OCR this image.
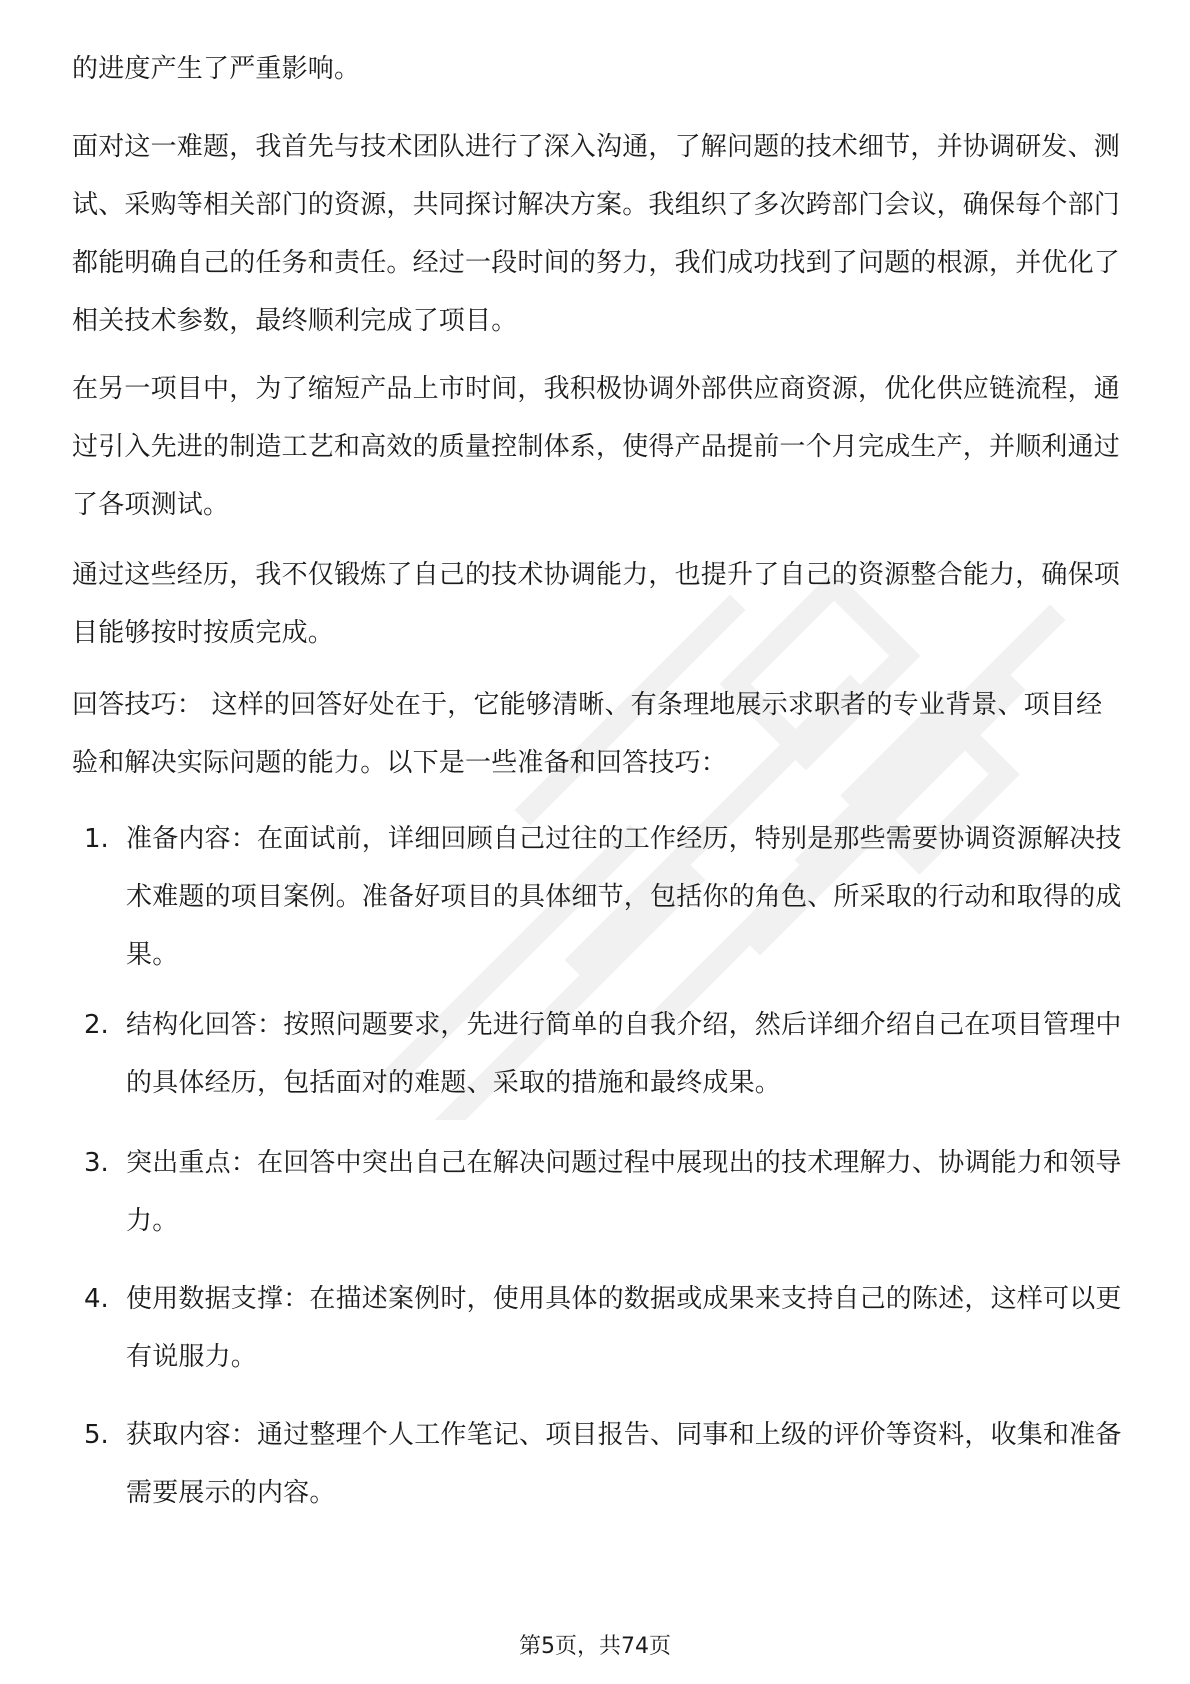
的进度产生了严重影响。

面对这一难题，我首先与技术团队进行了深入沟通，了解问题的技术细节，并协调研发、测试、采购等相关部门的资源，共同探讨解决方案。我组织了多次跨部门会议，确保每个部门都能明确自己的任务和责任。经过一段时间的努力，我们成功找到了问题的根源，并优化了相关技术参数，最终顺利完成了项目。

在另一项目中，为了缩短产品上市时间，我积极协调外部供应商资源，优化供应链流程，通过引入先进的制造工艺和高效的质量控制体系，使得产品提前一个月完成生产，并顺利通过了各项测试。

通过这些经历，我不仅锻炼了自己的技术协调能力，也提升了自己的资源整合能力，确保项目能够按时按质完成。

回答技巧： 这样的回答好处在于，它能够清晰、有条理地展示求职者的专业背景、项目经验和解决实际问题的能力。以下是一些准备和回答技巧：

1. 准备内容：在面试前，详细回顾自己过往的工作经历，特别是那些需要协调资源解决技术难题的项目案例。准备好项目的具体细节，包括你的角色、所采取的行动和取得的成果。
2. 结构化回答：按照问题要求，先进行简单的自我介绍，然后详细介绍自己在项目管理中的具体经历，包括面对的难题、采取的措施和最终成果。
3. 突出重点：在回答中突出自己在解决问题过程中展现出的技术理解力、协调能力和领导力。
4. 使用数据支撑：在描述案例时，使用具体的数据或成果来支持自己的陈述，这样可以更有说服力。
5. 获取内容：通过整理个人工作笔记、项目报告、同事和上级的评价等资料，收集和准备需要展示的内容。
第5页，共74页
